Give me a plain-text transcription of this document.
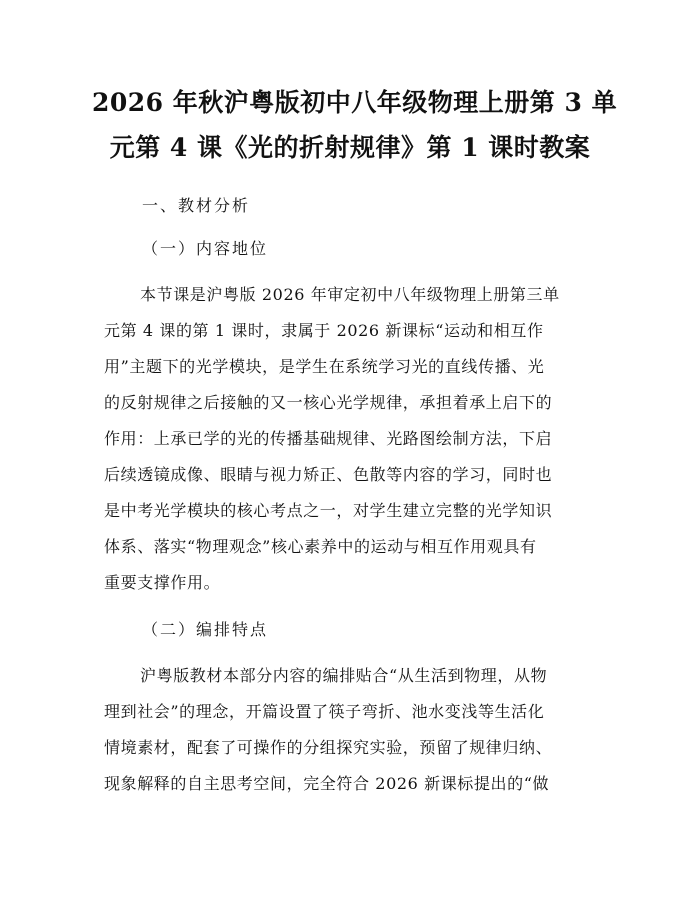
2026 年秋沪粤版初中八年级物理上册第 3 单
元第 4 课《光的折射规律》第 1 课时教案
一、教材分析
（一）内容地位
本节课是沪粤版 2026 年审定初中八年级物理上册第三单
元第 4 课的第 1 课时，隶属于 2026 新课标“运动和相互作
用”主题下的光学模块，是学生在系统学习光的直线传播、光
的反射规律之后接触的又一核心光学规律，承担着承上启下的
作用：上承已学的光的传播基础规律、光路图绘制方法，下启
后续透镜成像、眼睛与视力矫正、色散等内容的学习，同时也
是中考光学模块的核心考点之一，对学生建立完整的光学知识
体系、落实“物理观念”核心素养中的运动与相互作用观具有
重要支撑作用。
（二）编排特点
沪粤版教材本部分内容的编排贴合“从生活到物理，从物
理到社会”的理念，开篇设置了筷子弯折、池水变浅等生活化
情境素材，配套了可操作的分组探究实验，预留了规律归纳、
现象解释的自主思考空间，完全符合 2026 新课标提出的“做
